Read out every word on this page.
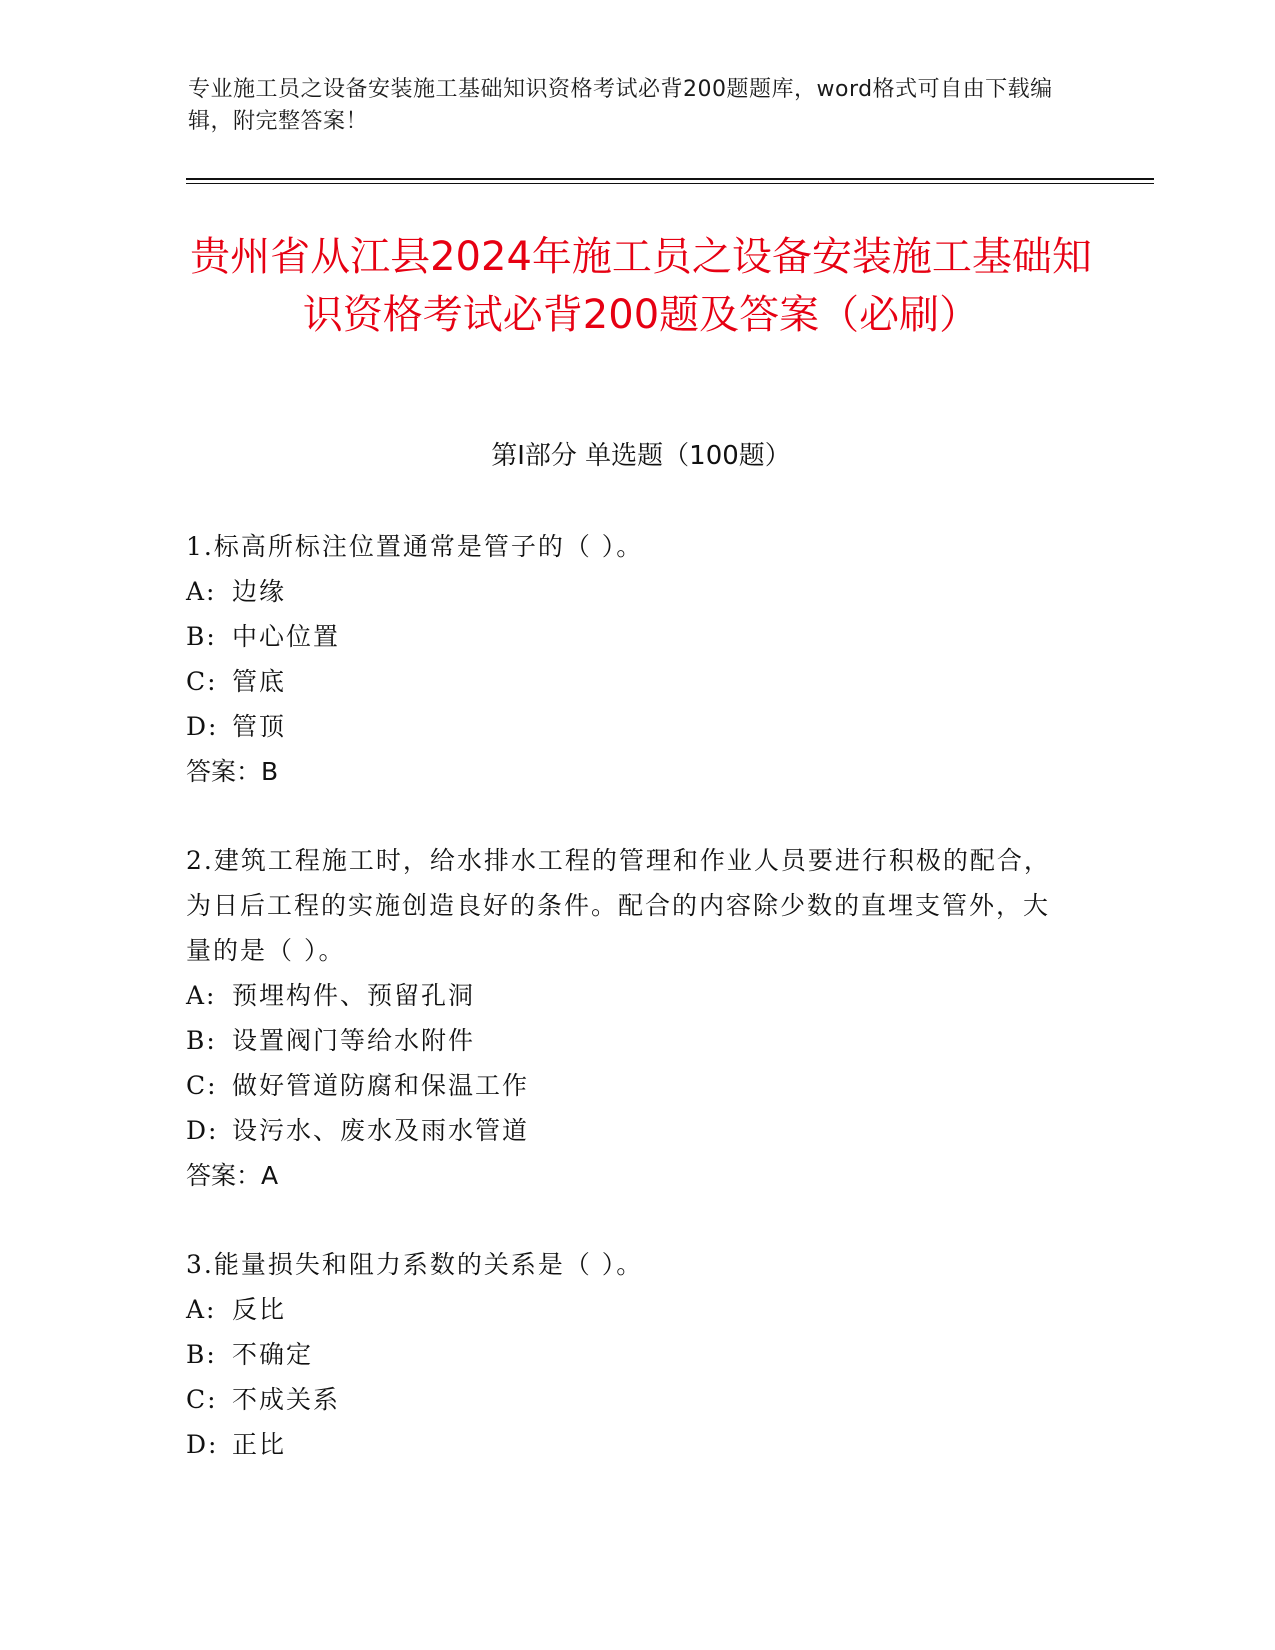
专业施工员之设备安装施工基础知识资格考试必背200题题库，word格式可自由下载编辑，附完整答案！
贵州省从江县2024年施工员之设备安装施工基础知识资格考试必背200题及答案（必刷）
第I部分 单选题（100题）

1.标高所标注位置通常是管子的（ ）。

A: 边缘
B: 中心位置
C: 管底
D: 管顶
答案：B

2.建筑工程施工时，给水排水工程的管理和作业人员要进行积极的配合，为日后工程的实施创造良好的条件。配合的内容除少数的直埋支管外，大量的是（ ）。

A: 预埋构件、预留孔洞
B: 设置阀门等给水附件
C: 做好管道防腐和保温工作
D: 设污水、废水及雨水管道
答案：A

3.能量损失和阻力系数的关系是（ ）。

A: 反比
B: 不确定
C: 不成关系
D: 正比
